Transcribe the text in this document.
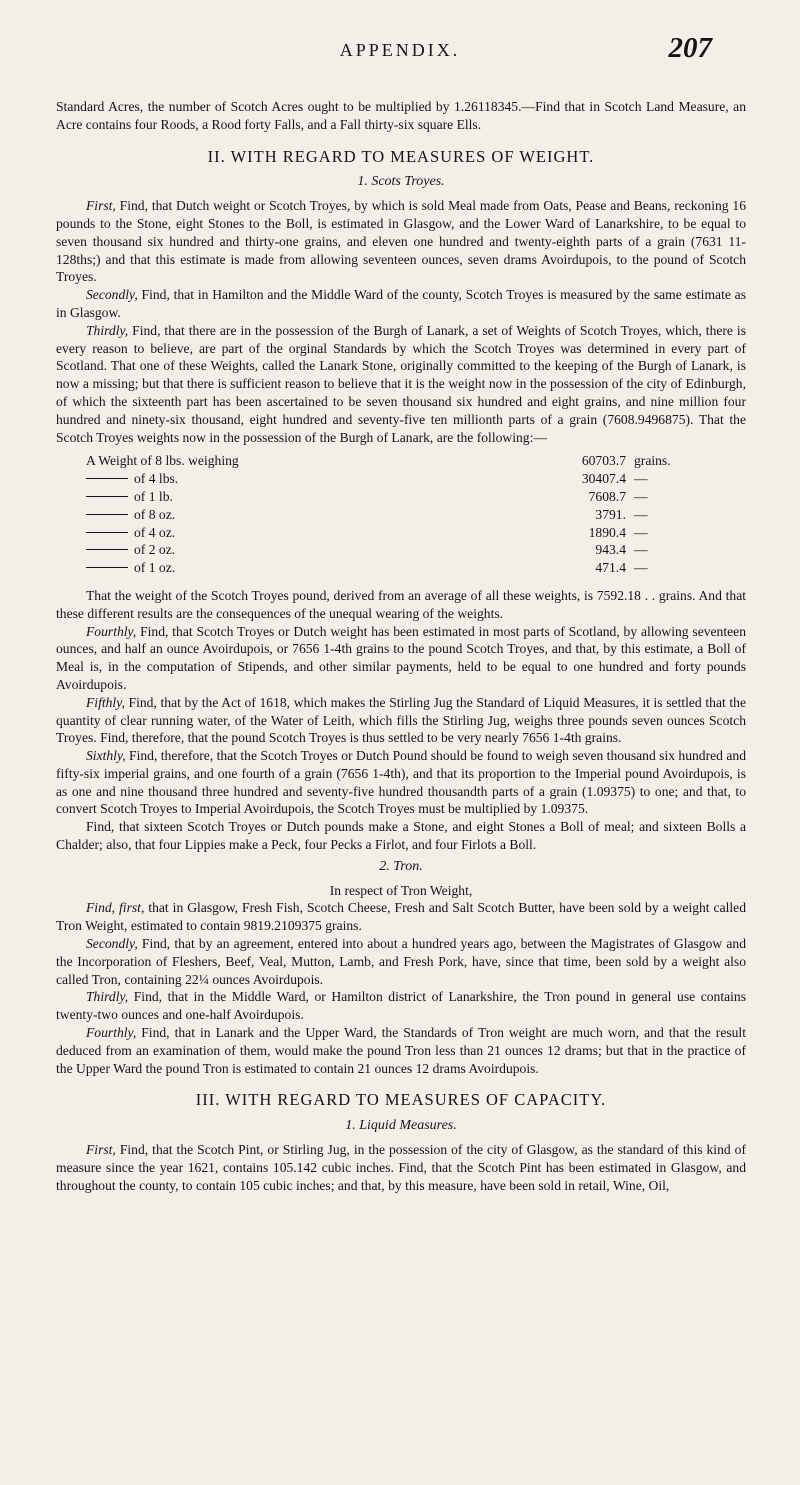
APPENDIX.	207

Standard Acres, the number of Scotch Acres ought to be multiplied by 1.26118345.—Find that in Scotch Land Measure, an Acre contains four Roods, a Rood forty Falls, and a Fall thirty-six square Ells.

II. WITH REGARD TO MEASURES OF WEIGHT.
1. Scots Troyes.

First, Find, that Dutch weight or Scotch Troyes, by which is sold Meal made from Oats, Pease and Beans, reckoning 16 pounds to the Stone, eight Stones to the Boll, is estimated in Glasgow, and the Lower Ward of Lanarkshire, to be equal to seven thousand six hundred and thirty-one grains, and eleven one hundred and twenty-eighth parts of a grain (7631 11-128ths;) and that this estimate is made from allowing seventeen ounces, seven drams Avoirdupois, to the pound of Scotch Troyes.

Secondly, Find, that in Hamilton and the Middle Ward of the county, Scotch Troyes is measured by the same estimate as in Glasgow.

Thirdly, Find, that there are in the possession of the Burgh of Lanark, a set of Weights of Scotch Troyes, which, there is every reason to believe, are part of the orginal Standards by which the Scotch Troyes was determined in every part of Scotland. That one of these Weights, called the Lanark Stone, originally committed to the keeping of the Burgh of Lanark, is now a missing; but that there is sufficient reason to believe that it is the weight now in the possession of the city of Edinburgh, of which the sixteenth part has been ascertained to be seven thousand six hundred and eight grains, and nine million four hundred and ninety-six thousand, eight hundred and seventy-five ten millionth parts of a grain (7608.9496875). That the Scotch Troyes weights now in the possession of the Burgh of Lanark, are the following:—

A Weight of 8 lbs. weighing	60703.7 grains.
of 4 lbs.	30407.4 —
of 1 lb.	7608.7 —
of 8 oz.	3791. —
of 4 oz.	1890.4 —
of 2 oz.	943.4 —
of 1 oz.	471.4 —

That the weight of the Scotch Troyes pound, derived from an average of all these weights, is 7592.18 . . grains. And that these different results are the consequences of the unequal wearing of the weights.

Fourthly, Find, that Scotch Troyes or Dutch weight has been estimated in most parts of Scotland, by allowing seventeen ounces, and half an ounce Avoirdupois, or 7656 1-4th grains to the pound Scotch Troyes, and that, by this estimate, a Boll of Meal is, in the computation of Stipends, and other similar payments, held to be equal to one hundred and forty pounds Avoirdupois.

Fifthly, Find, that by the Act of 1618, which makes the Stirling Jug the Standard of Liquid Measures, it is settled that the quantity of clear running water, of the Water of Leith, which fills the Stirling Jug, weighs three pounds seven ounces Scotch Troyes. Find, therefore, that the pound Scotch Troyes is thus settled to be very nearly 7656 1-4th grains.

Sixthly, Find, therefore, that the Scotch Troyes or Dutch Pound should be found to weigh seven thousand six hundred and fifty-six imperial grains, and one fourth of a grain (7656 1-4th), and that its proportion to the Imperial pound Avoirdupois, is as one and nine thousand three hundred and seventy-five hundred thousandth parts of a grain (1.09375) to one; and that, to convert Scotch Troyes to Imperial Avoirdupois, the Scotch Troyes must be multiplied by 1.09375.

Find, that sixteen Scotch Troyes or Dutch pounds make a Stone, and eight Stones a Boll of meal; and sixteen Bolls a Chalder; also, that four Lippies make a Peck, four Pecks a Firlot, and four Firlots a Boll.

2. Tron.

In respect of Tron Weight,

Find, first, that in Glasgow, Fresh Fish, Scotch Cheese, Fresh and Salt Scotch Butter, have been sold by a weight called Tron Weight, estimated to contain 9819.2109375 grains.

Secondly, Find, that by an agreement, entered into about a hundred years ago, between the Magistrates of Glasgow and the Incorporation of Fleshers, Beef, Veal, Mutton, Lamb, and Fresh Pork, have, since that time, been sold by a weight also called Tron, containing 22¼ ounces Avoirdupois.

Thirdly, Find, that in the Middle Ward, or Hamilton district of Lanarkshire, the Tron pound in general use contains twenty-two ounces and one-half Avoirdupois.

Fourthly, Find, that in Lanark and the Upper Ward, the Standards of Tron weight are much worn, and that the result deduced from an examination of them, would make the pound Tron less than 21 ounces 12 drams; but that in the practice of the Upper Ward the pound Tron is estimated to contain 21 ounces 12 drams Avoirdupois.

III. WITH REGARD TO MEASURES OF CAPACITY.
1. Liquid Measures.

First, Find, that the Scotch Pint, or Stirling Jug, in the possession of the city of Glasgow, as the standard of this kind of measure since the year 1621, contains 105.142 cubic inches. Find, that the Scotch Pint has been estimated in Glasgow, and throughout the county, to contain 105 cubic inches; and that, by this measure, have been sold in retail, Wine, Oil,
